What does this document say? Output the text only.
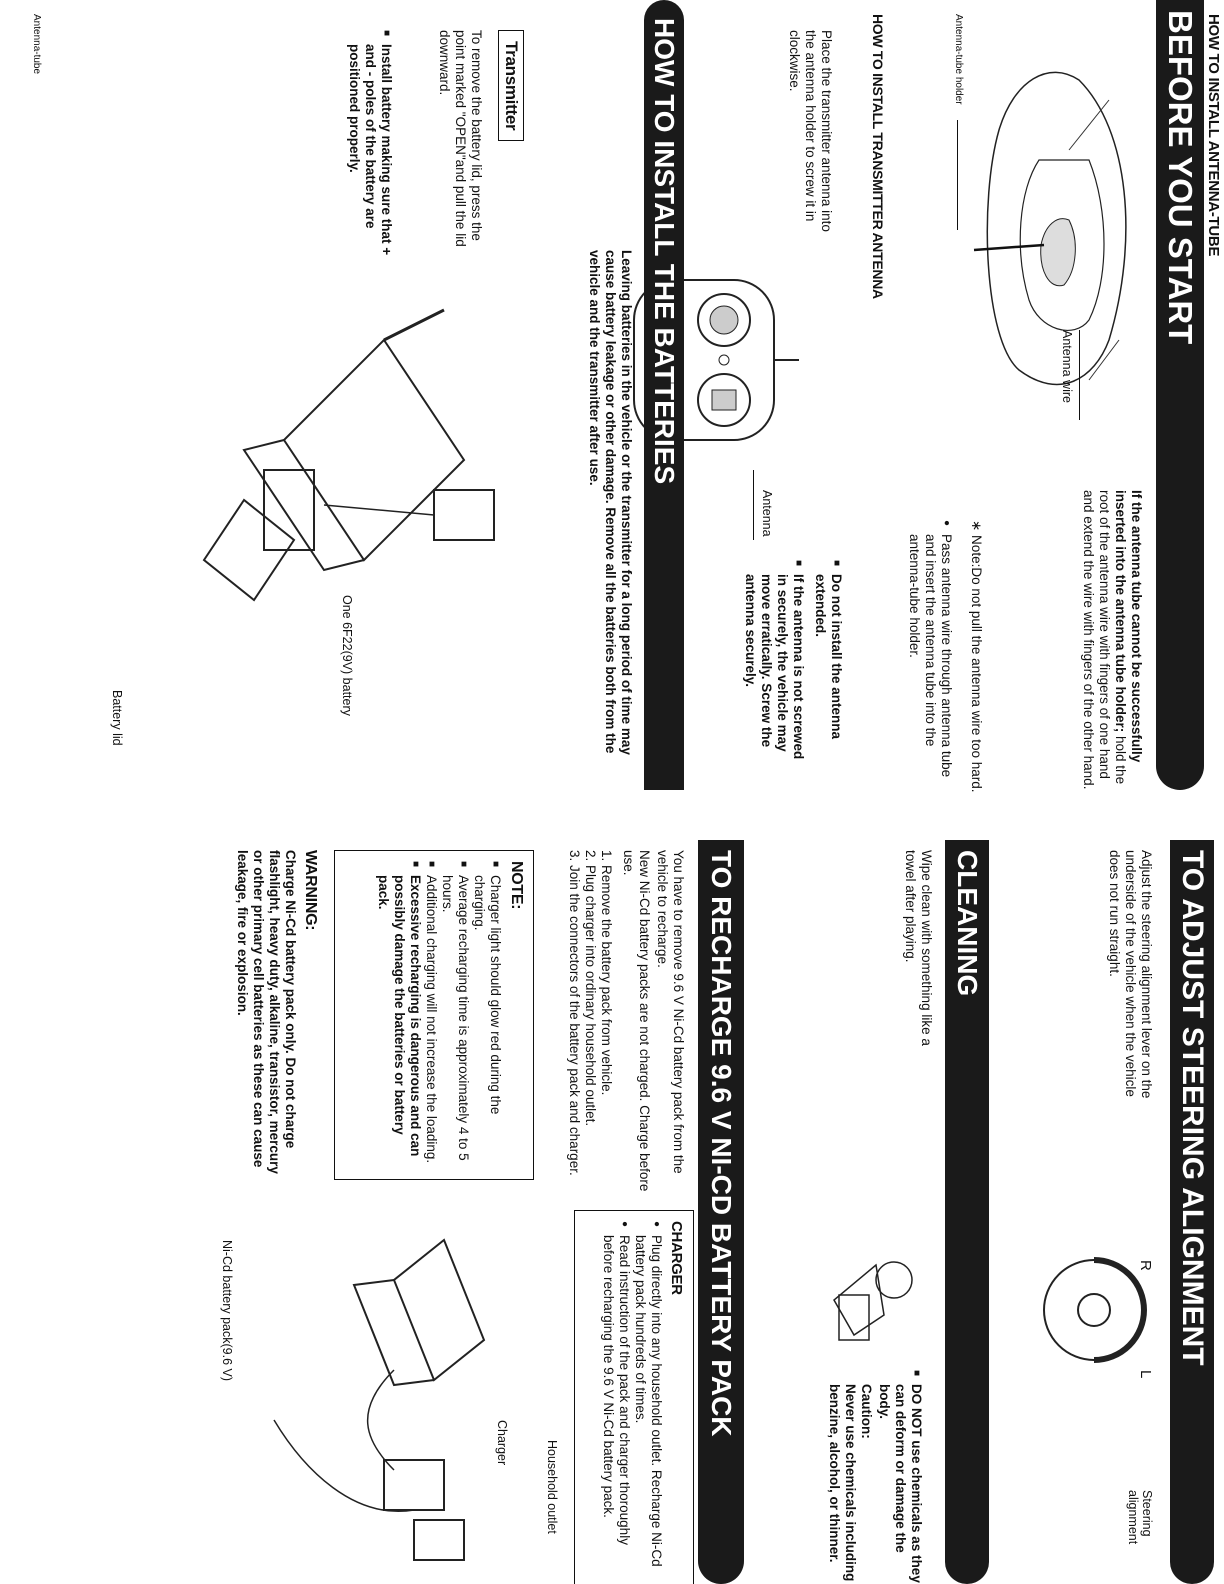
BEFORE YOU START HOW TO INSTALL ANTENNA-TUBE
Antenna-tube
If the antenna tube cannot be successfully inserted into the antenna tube holder; hold the root of the antenna wire with fingers of one hand and extend the wire with fingers of the other hand.
Antenna wire
Antenna-tube holder
∗ Note:Do not pull the antenna wire too hard.
● Pass antenna wire through antenna tube and insert the antenna tube into the antenna-tube holder.
HOW TO INSTALL TRANSMITTER ANTENNA
Place the transmitter antenna into the antenna holder to screw it in clockwise.
Antenna
■ Do not install the antenna extended.
■ If the antenna is not screwed in securely, the vehicle may move erratically. Screw the antenna securely.
HOW TO INSTALL THE BATTERIES
Leaving batteries in the vehicle or the transmitter for a long period of time may cause battery leakage or other damage. Remove all the batteries both from the vehicle and the transmitter after use.
Transmitter
To remove the battery lid, press the point marked "OPEN"and pull the lid downward.
■ Install battery making sure that + and - poles of the battery are positioned properly.
One 6F22(9V) battery
Battery lid
TO ADJUST STEERING ALIGNMENT
Adjust the steering alignment lever on the underside of the vehicle when the vehicle does not run straight.
R
L
Steering alignment
CLEANING
Wipe clean with something like a towel after playing.
■ DO NOT use chemicals as they can deform or damage the body.
Caution:
Never use chemicals including benzine, alcohol, or thinner.
TO RECHARGE 9.6 V NI-CD BATTERY PACK
You have to remove 9.6 V Ni-Cd battery pack from the vehicle to recharge.
New Ni-Cd battery packs are not charged. Charge before use.
1. Remove the battery pack from vehicle.
2. Plug charger into ordinary household outlet.
3. Join the connectors of the battery pack and charger.
NOTE:
■ Charger light should glow red during the charging.
■ Average recharging time is approximately 4 to 5 hours.
■ Additional charging will not increase the loading.
■ Excessive recharging is dangerous and can possibly damage the batteries or battery pack.
WARNING:
Charge Ni-Cd battery pack only. Do not charge flashlight, heavy duty, alkaline, transistor, mercury or other primary cell batteries as these can cause leakage, fire or explosion.
CHARGER
● Plug directly into any household outlet. Recharge Ni-Cd battery pack hundreds of times.
● Read instruction of the pack and charger thoroughly before recharging the 9.6 V Ni-Cd battery pack.
Household outlet
Charger
Ni-Cd battery pack(9.6 V)
